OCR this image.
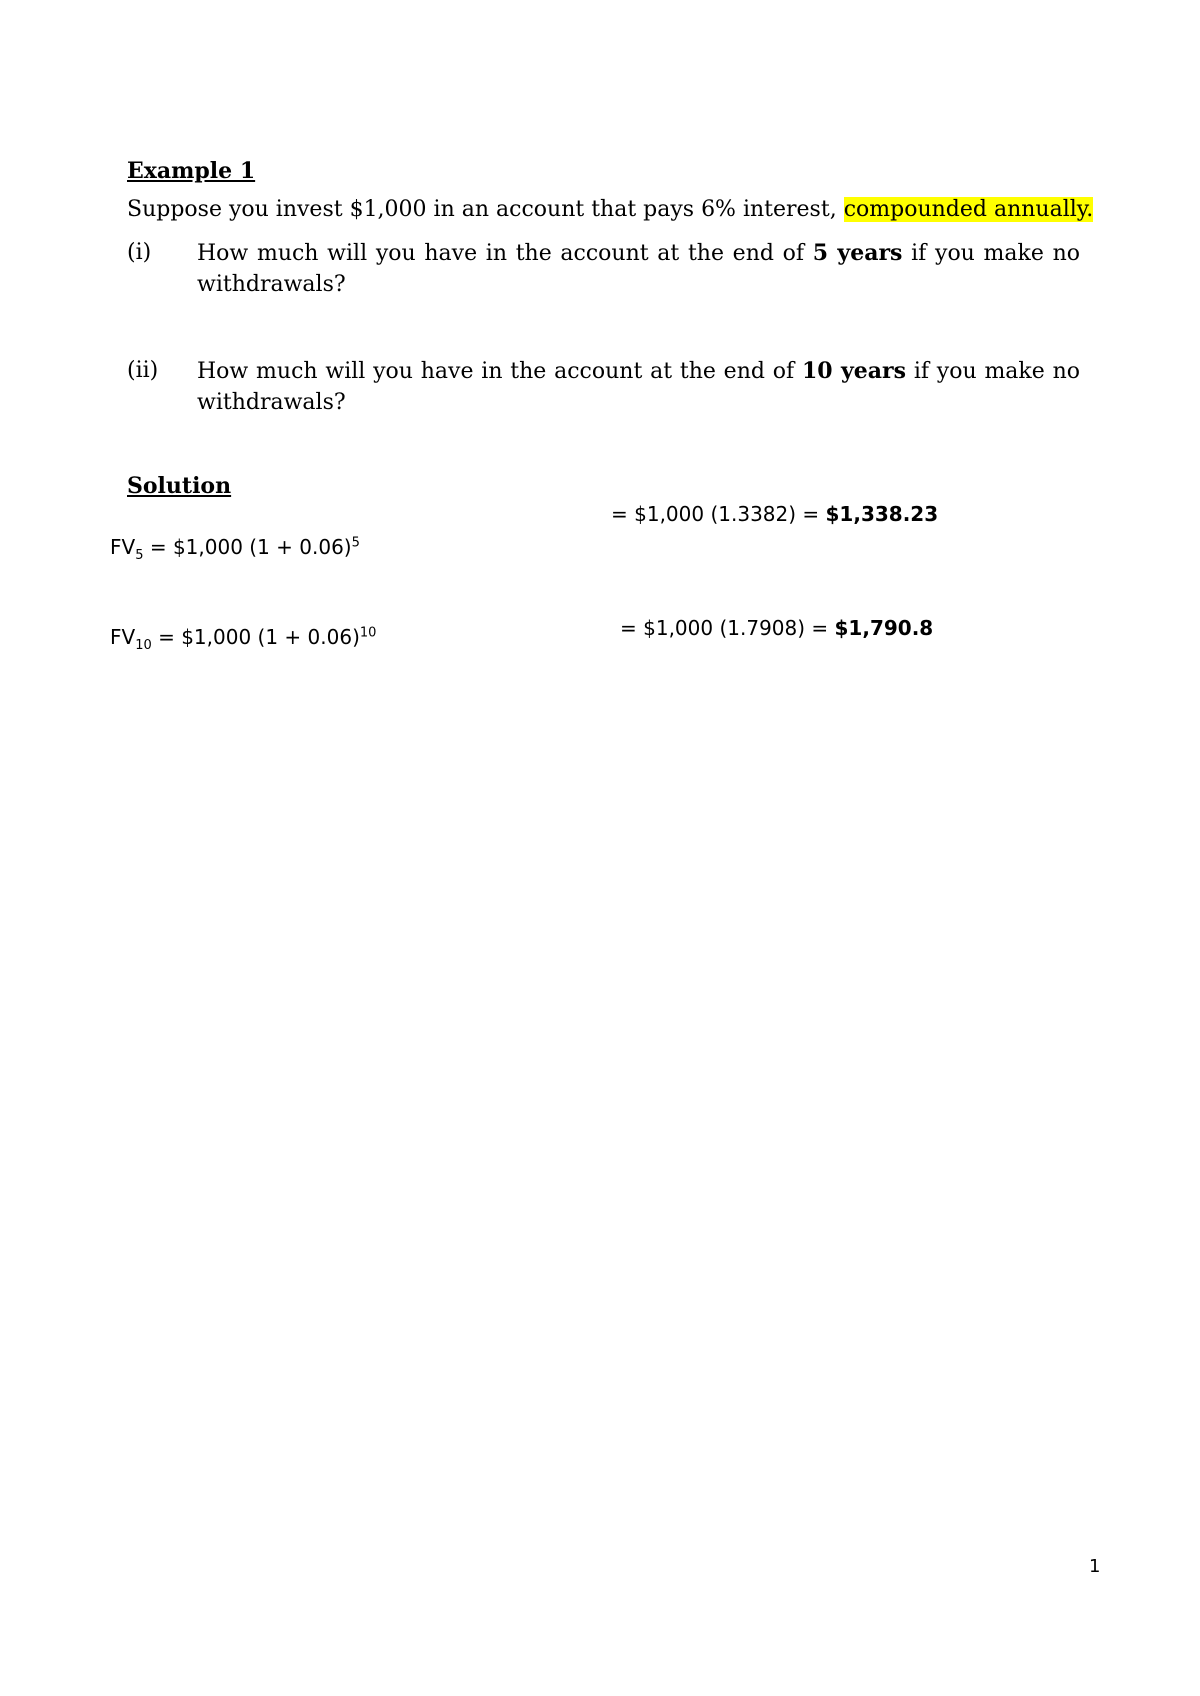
Example 1
Suppose you invest $1,000 in an account that pays 6% interest, compounded annually.
(i) How much will you have in the account at the end of 5 years if you make no withdrawals?
(ii) How much will you have in the account at the end of 10 years if you make no withdrawals?
Solution
$FV_5$ = $1,000 $(1 + 0.06)^5$
= $1,000 (1.3382) = $1,338.23
$FV_{10}$ = $1,000 $(1 + 0.06)^{10}$	= $1,000 (1.7908) = $1,790.8
1
